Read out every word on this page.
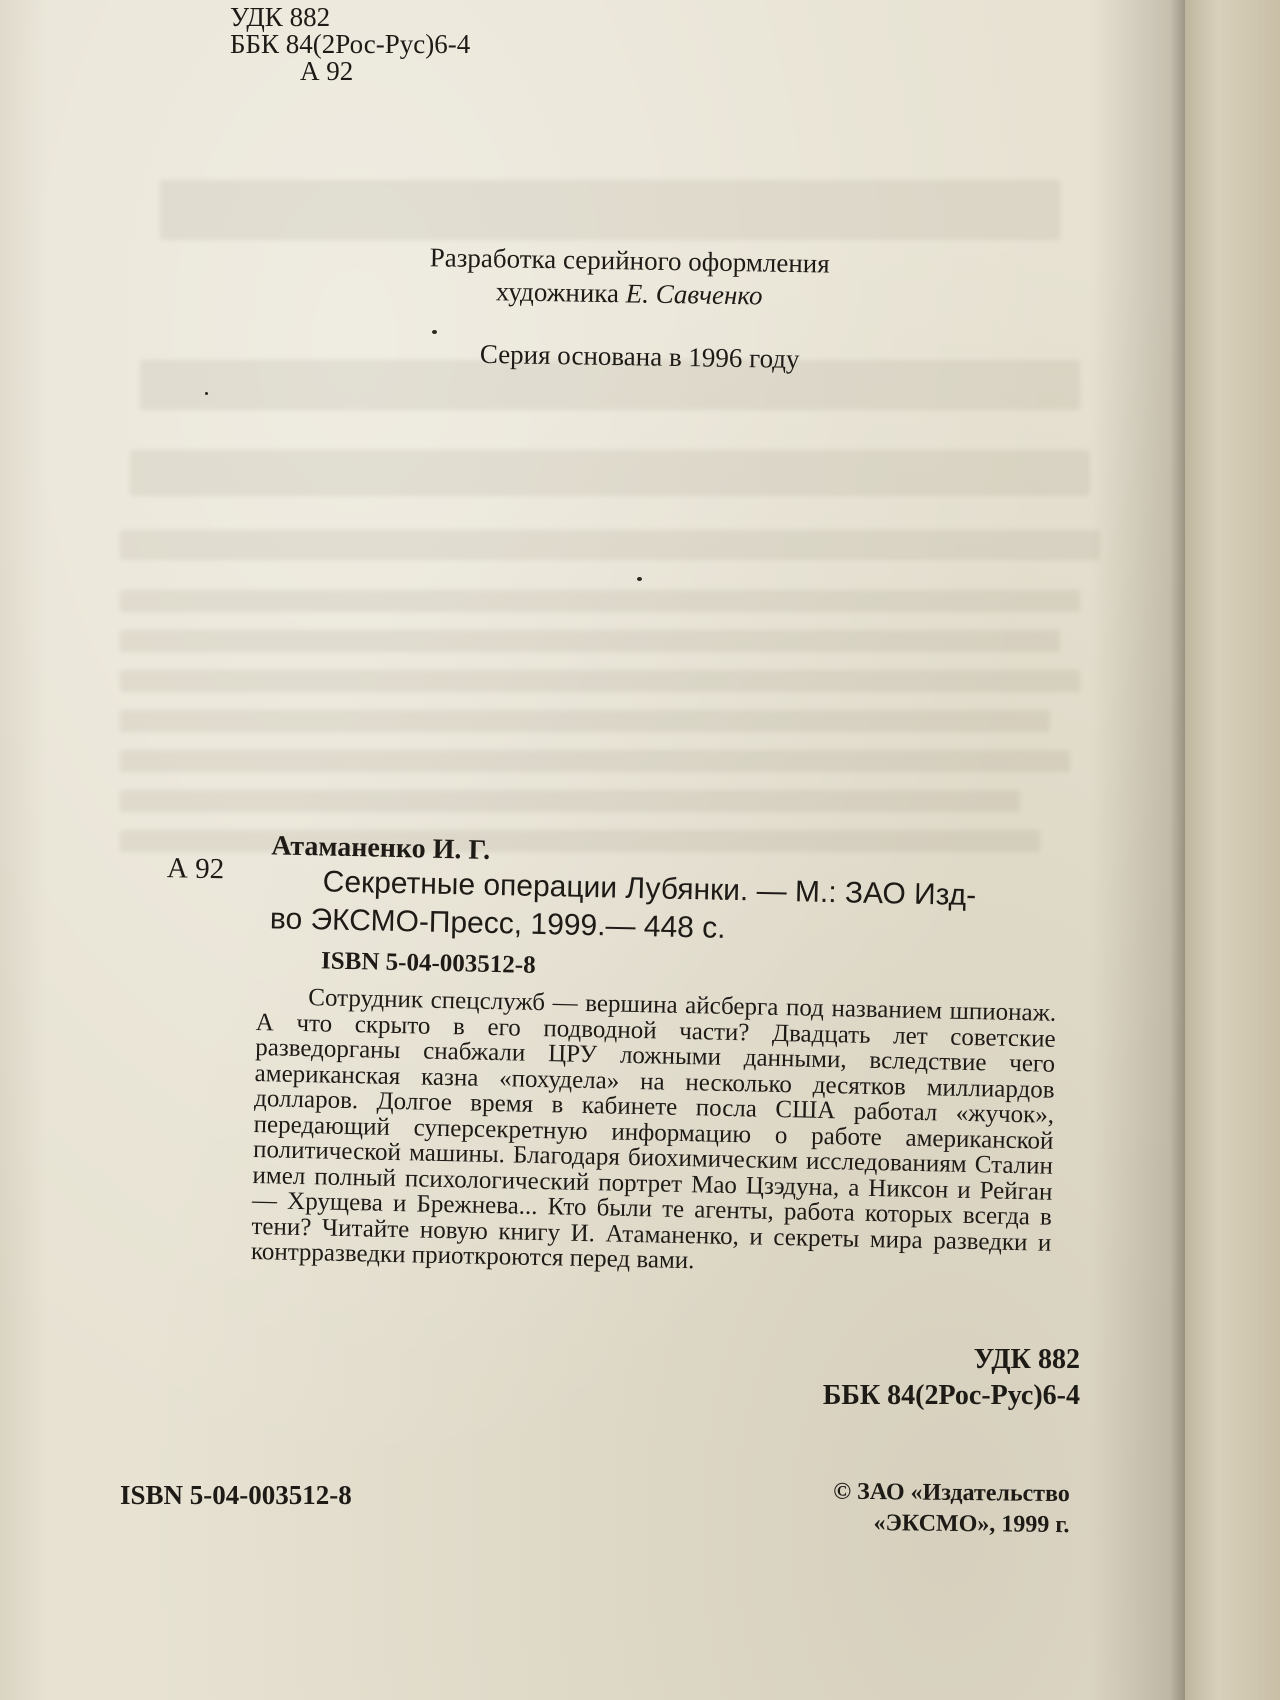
УДК 882
ББК 84(2Рос-Рус)6-4
А 92
Разработка серийного оформления
художника Е. Савченко
Серия основана в 1996 году
Атаманенко И. Г.
А 92	Секретные операции Лубянки. — М.: ЗАО Изд-
во ЭКСМО-Пресс, 1999.— 448 с.
ISBN 5-04-003512-8
Сотрудник спецслужб — вершина айсберга под названием шпионаж. А что скрыто в его подводной части? Двадцать лет советские разведорганы снабжали ЦРУ ложными данными, вследствие чего американская казна «похудела» на несколько десятков миллиардов долларов. Долгое время в кабинете посла США работал «жучок», передающий суперсекретную информацию о работе американской политической машины. Благодаря биохимическим исследованиям Сталин имел полный психологический портрет Мао Цзэдуна, а Никсон и Рейган — Хрущева и Брежнева... Кто были те агенты, работа которых всегда в тени? Читайте новую книгу И. Атаманенко, и секреты мира разведки и контрразведки приоткроются перед вами.
УДК 882
ББК 84(2Рос-Рус)6-4
ISBN 5-04-003512-8	© ЗАО «Издательство
«ЭКСМО», 1999 г.
